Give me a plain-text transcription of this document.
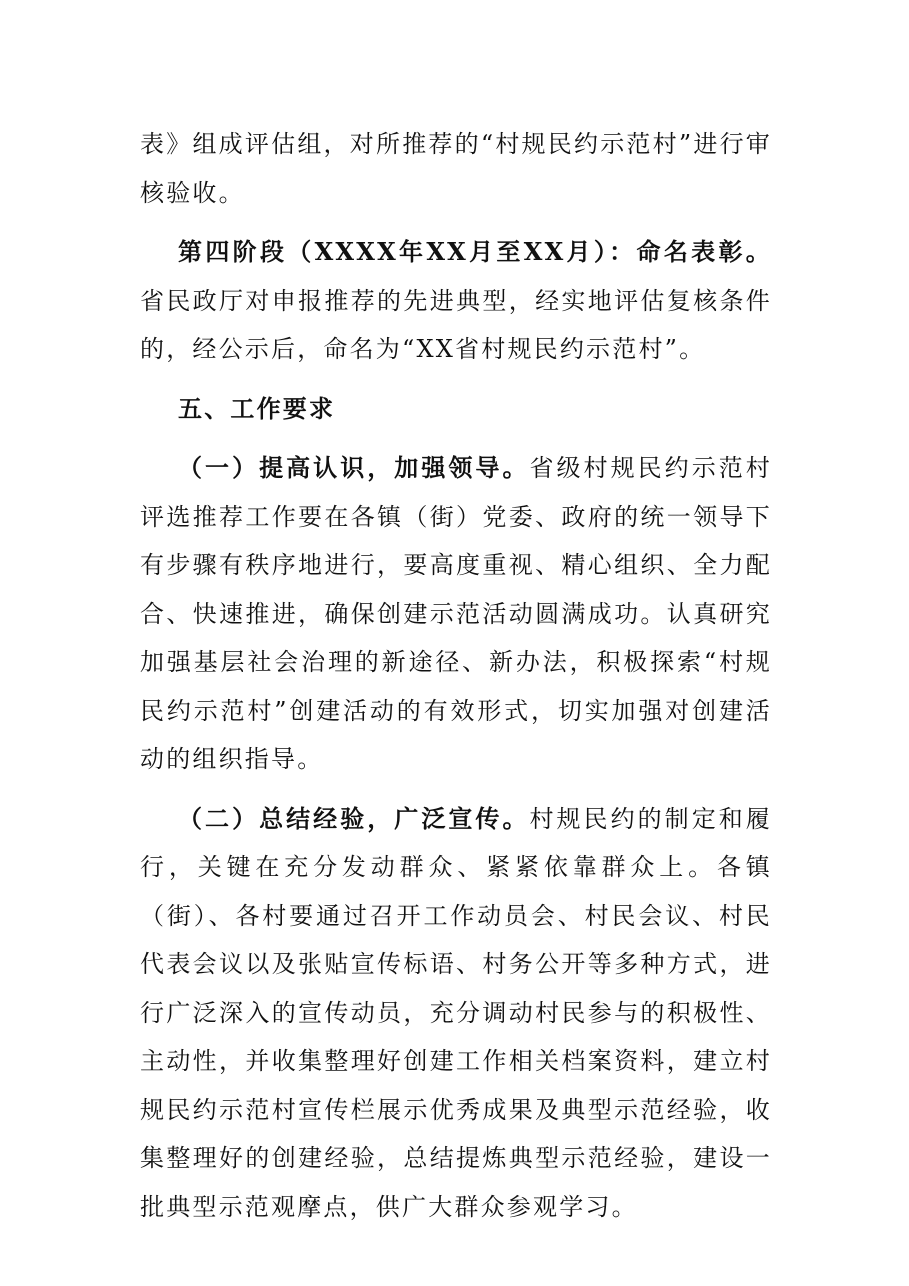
表》组成评估组，对所推荐的“村规民约示范村”进行审核验收。

第四阶段（XXXX年XX月至XX月）：命名表彰。省民政厅对申报推荐的先进典型，经实地评估复核条件的，经公示后，命名为“XX省村规民约示范村”。

五、工作要求

（一）提高认识，加强领导。省级村规民约示范村评选推荐工作要在各镇（街）党委、政府的统一领导下有步骤有秩序地进行，要高度重视、精心组织、全力配合、快速推进，确保创建示范活动圆满成功。认真研究加强基层社会治理的新途径、新办法，积极探索“村规民约示范村”创建活动的有效形式，切实加强对创建活动的组织指导。

（二）总结经验，广泛宣传。村规民约的制定和履行，关键在充分发动群众、紧紧依靠群众上。各镇（街）、各村要通过召开工作动员会、村民会议、村民代表会议以及张贴宣传标语、村务公开等多种方式，进行广泛深入的宣传动员，充分调动村民参与的积极性、主动性，并收集整理好创建工作相关档案资料，建立村规民约示范村宣传栏展示优秀成果及典型示范经验，收集整理好的创建经验，总结提炼典型示范经验，建设一批典型示范观摩点，供广大群众参观学习。
